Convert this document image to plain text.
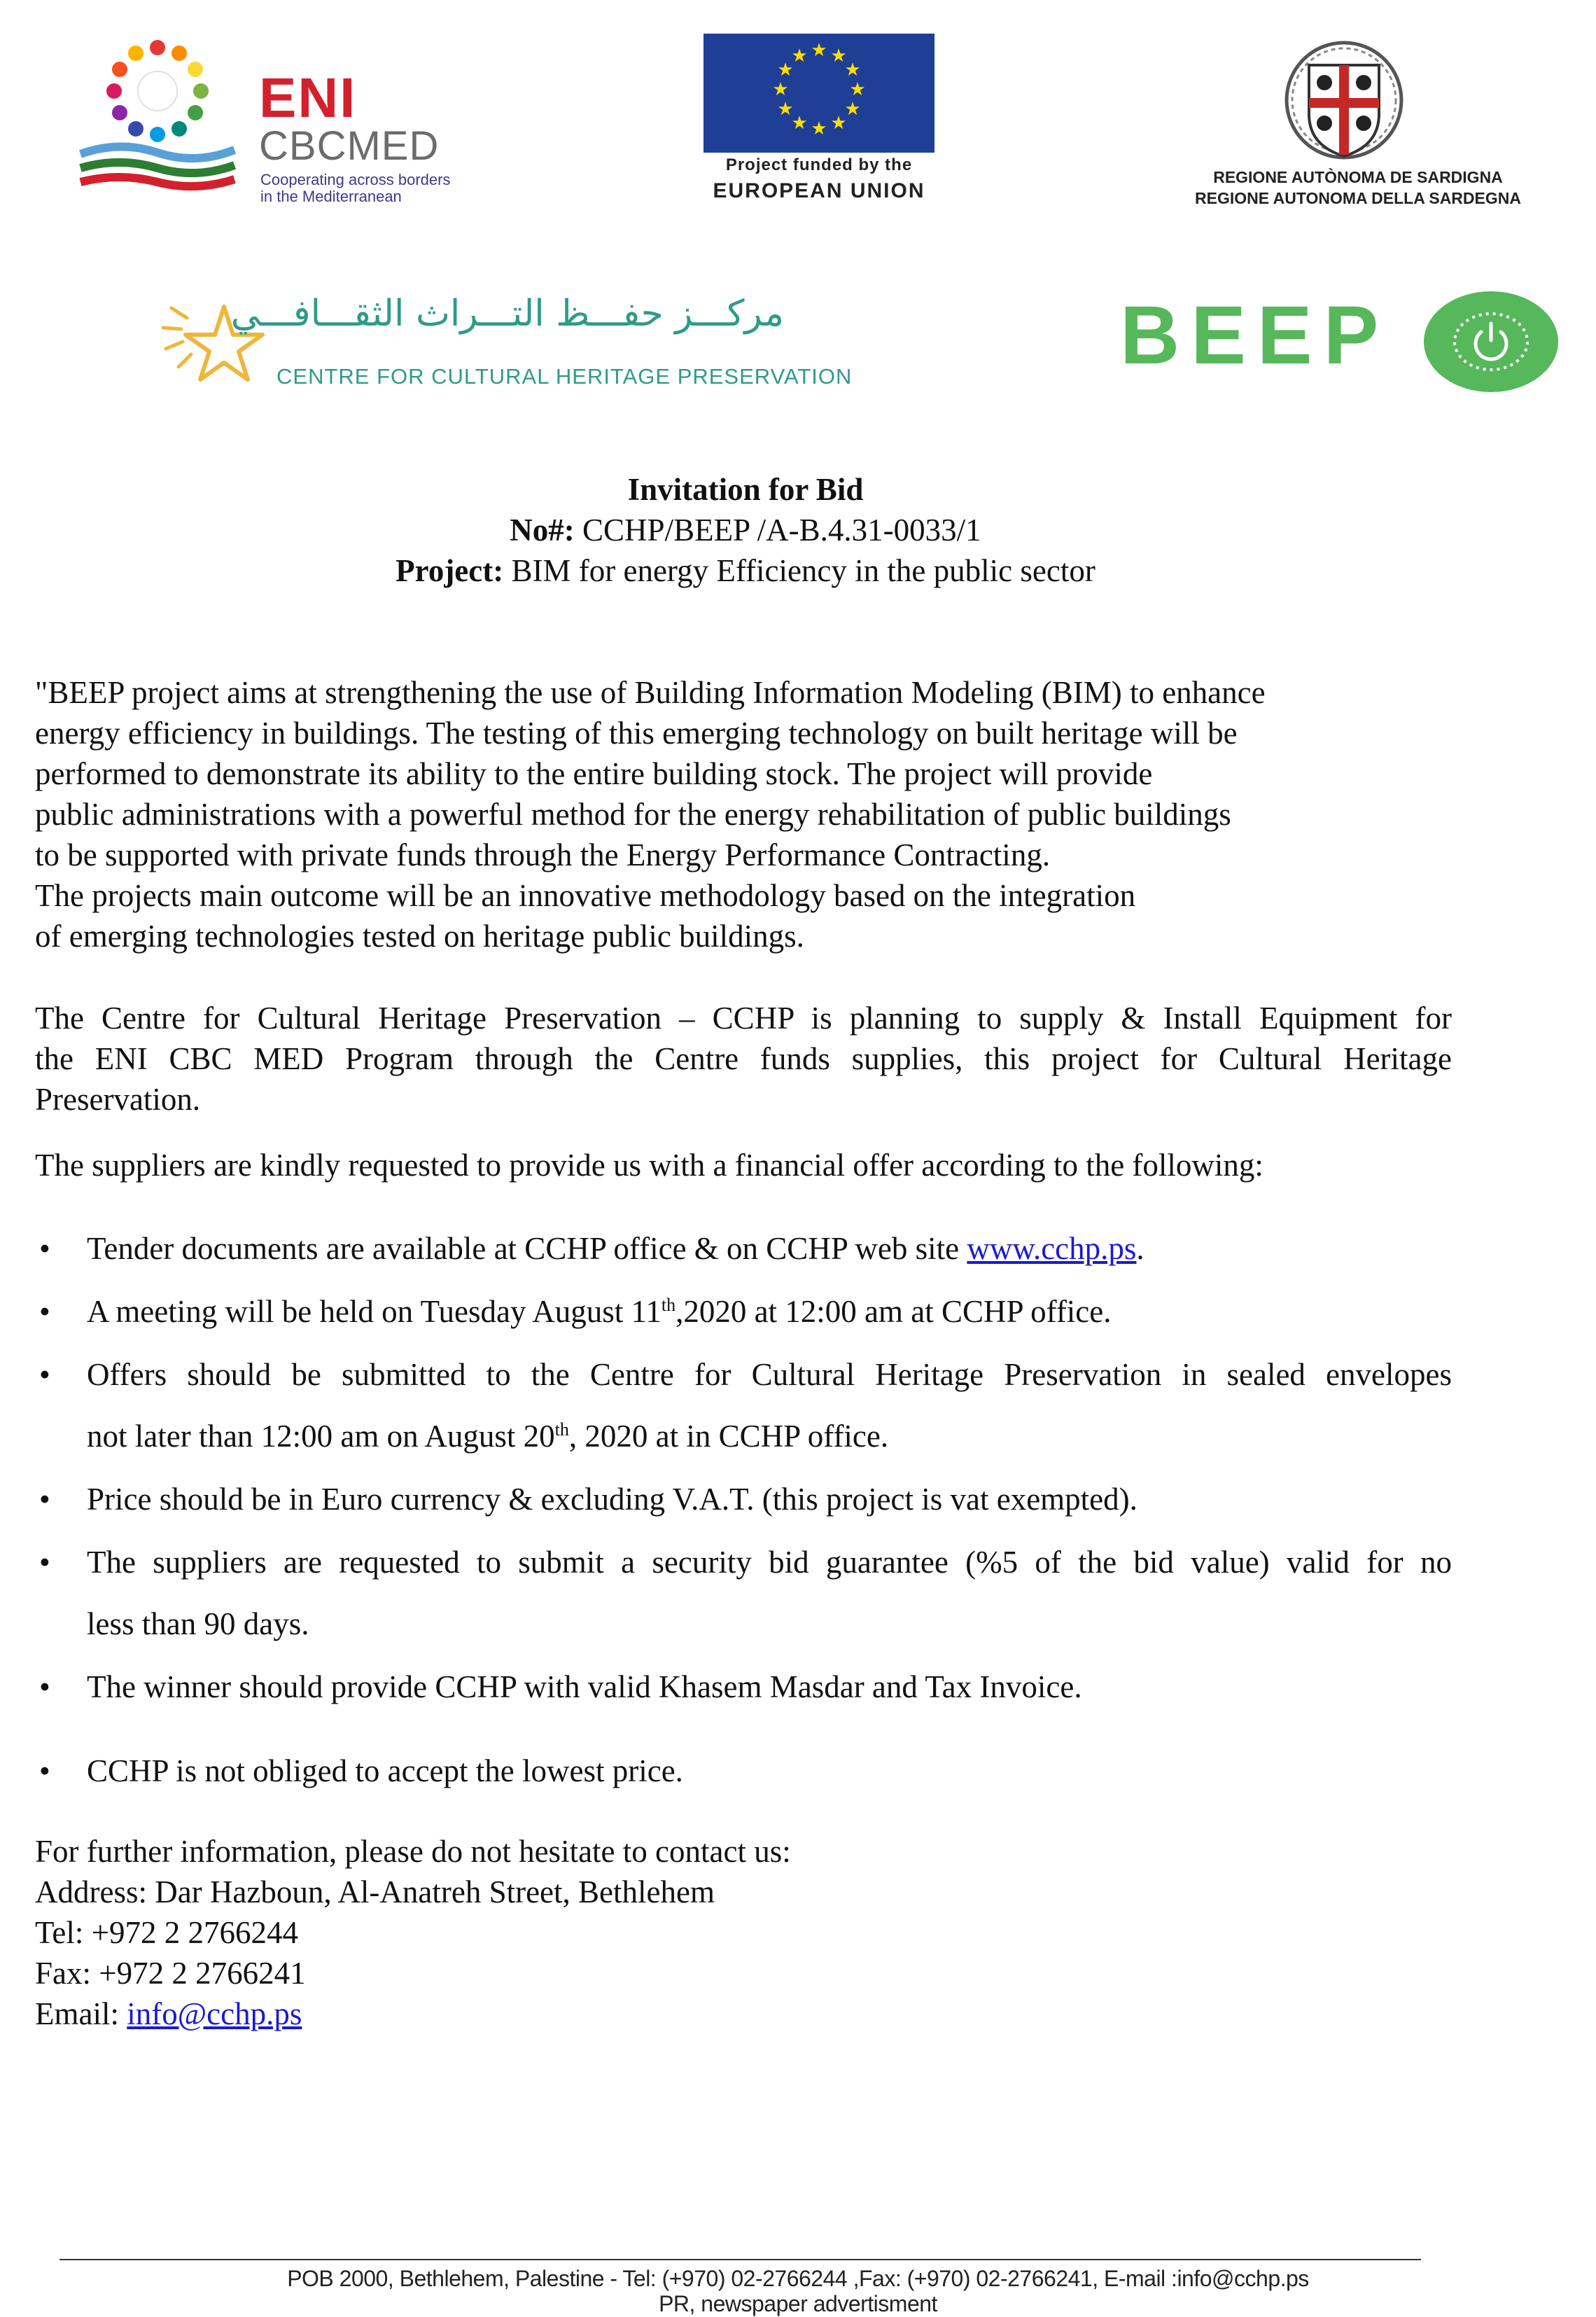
ENI
CBCMED
Cooperating across borders
in the Mediterranean
★ ★
★
★
★
★
★
★
★
★
★
★
Project funded by the
EUROPEAN UNION
REGIONE AUTÒNOMA DE SARDIGNA
REGIONE AUTONOMA DELLA SARDEGNA
مركـــز حفـــظ التـــراث الثقـــافـــي
CENTRE FOR CULTURAL HERITAGE PRESERVATION	BEEP
Invitation for Bid
No#: CCHP/BEEP /A-B.4.31-0033/1
Project: BIM for energy Efficiency in the public sector
"BEEP project aims at strengthening the use of Building Information Modeling (BIM) to enhance
energy efficiency in buildings. The testing of this emerging technology on built heritage will be
performed to demonstrate its ability to the entire building stock. The project will provide
public administrations with a powerful method for the energy rehabilitation of public buildings
to be supported with private funds through the Energy Performance Contracting.
The projects main outcome will be an innovative methodology based on the integration
of emerging technologies tested on heritage public buildings.
The Centre for Cultural Heritage Preservation – CCHP is planning to supply & Install Equipment for
the ENI CBC MED Program through the Centre funds supplies, this project for Cultural Heritage
Preservation.
The suppliers are kindly requested to provide us with a financial offer according to the following:
• Tender documents are available at CCHP office & on CCHP web site www.cchp.ps.
• A meeting will be held on Tuesday August 11th,2020 at 12:00 am at CCHP office.
• Offers should be submitted to the Centre for Cultural Heritage Preservation in sealed envelopes
not later than 12:00 am on August 20th, 2020 at in CCHP office.
• Price should be in Euro currency & excluding V.A.T. (this project is vat exempted).
• The suppliers are requested to submit a security bid guarantee (%5 of the bid value) valid for no
less than 90 days.
• The winner should provide CCHP with valid Khasem Masdar and Tax Invoice.
• CCHP is not obliged to accept the lowest price.
For further information, please do not hesitate to contact us:
Address: Dar Hazboun, Al-Anatreh Street, Bethlehem
Tel: +972 2 2766244
Fax: +972 2 2766241
Email: info@cchp.ps
POB 2000, Bethlehem, Palestine - Tel: (+970) 02-2766244 ,Fax: (+970) 02-2766241, E-mail :info@cchp.ps
PR, newspaper advertisment
